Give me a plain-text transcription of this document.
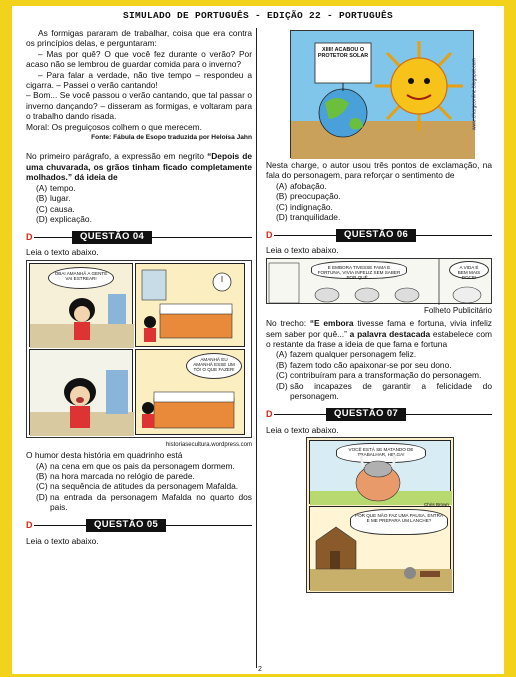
SIMULADO DE PORTUGUÊS - EDIÇÃO 22 - PORTUGUÊS

As formigas pararam de trabalhar, coisa que era contra os princípios delas, e perguntaram:

– Mas por quê? O que você fez durante o verão? Por acaso não se lembrou de guardar comida para o inverno?

– Para falar a verdade, não tive tempo – respondeu a cigarra. – Passei o verão cantando!

– Bom... Se você passou o verão cantando, que tal passar o inverno dançando? – disseram as formigas, e voltaram para o trabalho dando risada.

Moral: Os preguiçosos colhem o que merecem.

Fonte: Fábula de Esopo traduzida por Heloísa Jahn

No primeiro parágrafo, a expressão em negrito “Depois de uma chuvarada, os grãos tinham ficado completamente molhados.” dá ideia de

(A) tempo.
(B) lugar.
(C) causa.
(D) explicação.
D	QUESTÃO 04

Leia o texto abaixo.

OBA! AMANHÃ A GENTE VAI ESTREAR!
AMANHÃ EU AMANHÃ ESSE UM TÓ! O QUE FAZER!

historiasecultura.wordpress.com

O humor desta história em quadrinho está

(A) na cena em que os pais da personagem dormem.
(B) na hora marcada no relógio de parede.
(C) na sequência de atitudes da personagem Mafalda.
(D) na entrada da personagem Mafalda no quarto dos pais.
D	QUESTÃO 05

Leia o texto abaixo.

XIIII! ACABOU O PROTETOR SOLAR
www.chargeonline.blogspot.com

Nesta charge, o autor usou três pontos de exclamação, na fala do personagem, para reforçar o sentimento de

(A) afobação.
(B) preocupação.
(C) indignação.
(D) tranquilidade.
D	QUESTÃO 06

Leia o texto abaixo.

E EMBORA TIVESSE FAMA E FORTUNA, VIVIA INFELIZ SEM SABER POR QUÊ...
A VIDA É BEM MAIS DOCE!

Folheto Publicitário

No trecho: “E embora tivesse fama e fortuna, vivia infeliz sem saber por quê...” a palavra destacada estabelece com o restante da frase a ideia de que fama e fortuna

(A) fazem qualquer personagem feliz.
(B) fazem todo cão apaixonar-se por seu dono.
(C) contribuíram para a transformação do personagem.
(D) são incapazes de garantir a felicidade do personagem.
D	QUESTÃO 07

Leia o texto abaixo.

VOCÊ ESTÁ SE MATANDO DE TRABALHAR, HELGA!
POR QUE NÃO FAZ UMA PAUSA, ENTRA E ME PREPARA UM LANCHE?
Chris Brown
2
